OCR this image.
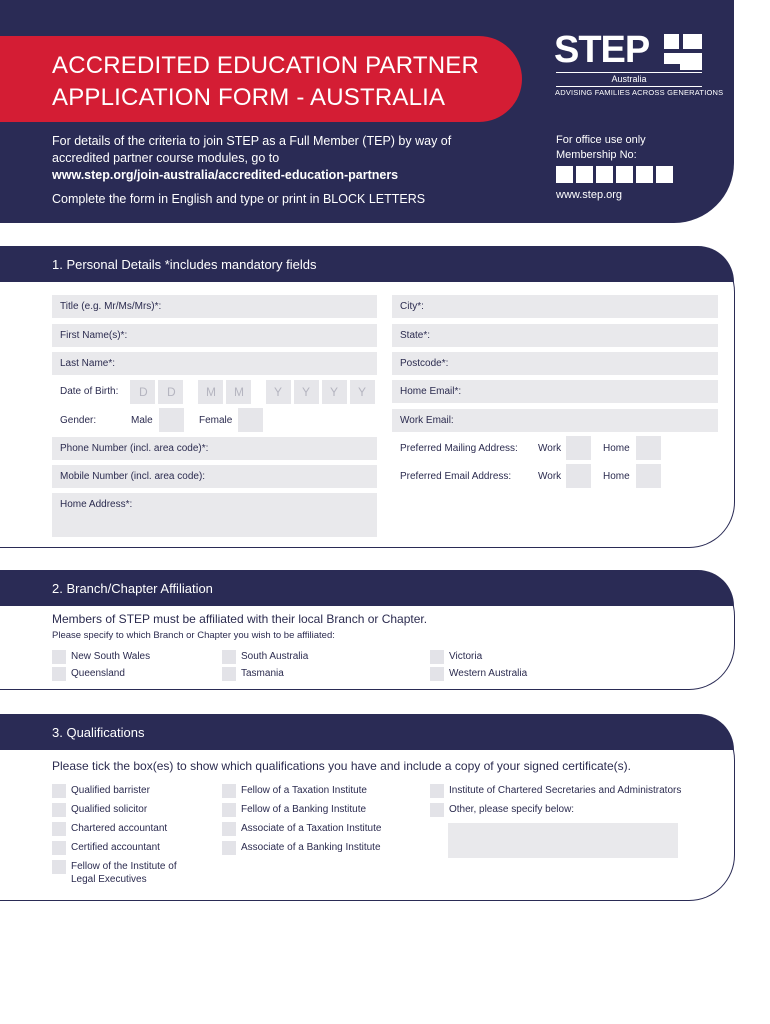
ACCREDITED EDUCATION PARTNER
APPLICATION FORM - AUSTRALIA
STEP
Australia
ADVISING FAMILIES ACROSS GENERATIONS
For details of the criteria to join STEP as a Full Member (TEP) by way of
accredited partner course modules, go to
www.step.org/join-australia/accredited-education-partners
Complete the form in English and type or print in BLOCK LETTERS
For office use only
Membership No:
www.step.org
1. Personal Details *includes mandatory fields
Title (e.g. Mr/Ms/Mrs)*:
First Name(s)*:
Last Name*:
Date of Birth: D D	M M	Y Y Y Y
Gender:	Male	Female
Phone Number (incl. area code)*:
Mobile Number (incl. area code):
Home Address*:
City*:
State*:
Postcode*:
Home Email*:
Work Email:
Preferred Mailing Address: Work	Home
Preferred Email Address:	Work	Home
2. Branch/Chapter Affiliation
Members of STEP must be affiliated with their local Branch or Chapter.
Please specify to which Branch or Chapter you wish to be affiliated:
New South Wales
Queensland
South Australia
Tasmania
Victoria
Western Australia
3. Qualifications
Please tick the box(es) to show which qualifications you have and include a copy of your signed certificate(s).
Qualified barrister
Qualified solicitor
Chartered accountant
Certified accountant
Fellow of the Institute of
Legal Executives
Fellow of a Taxation Institute
Fellow of a Banking Institute
Associate of a Taxation Institute
Associate of a Banking Institute
Institute of Chartered Secretaries and Administrators
Other, please specify below:
